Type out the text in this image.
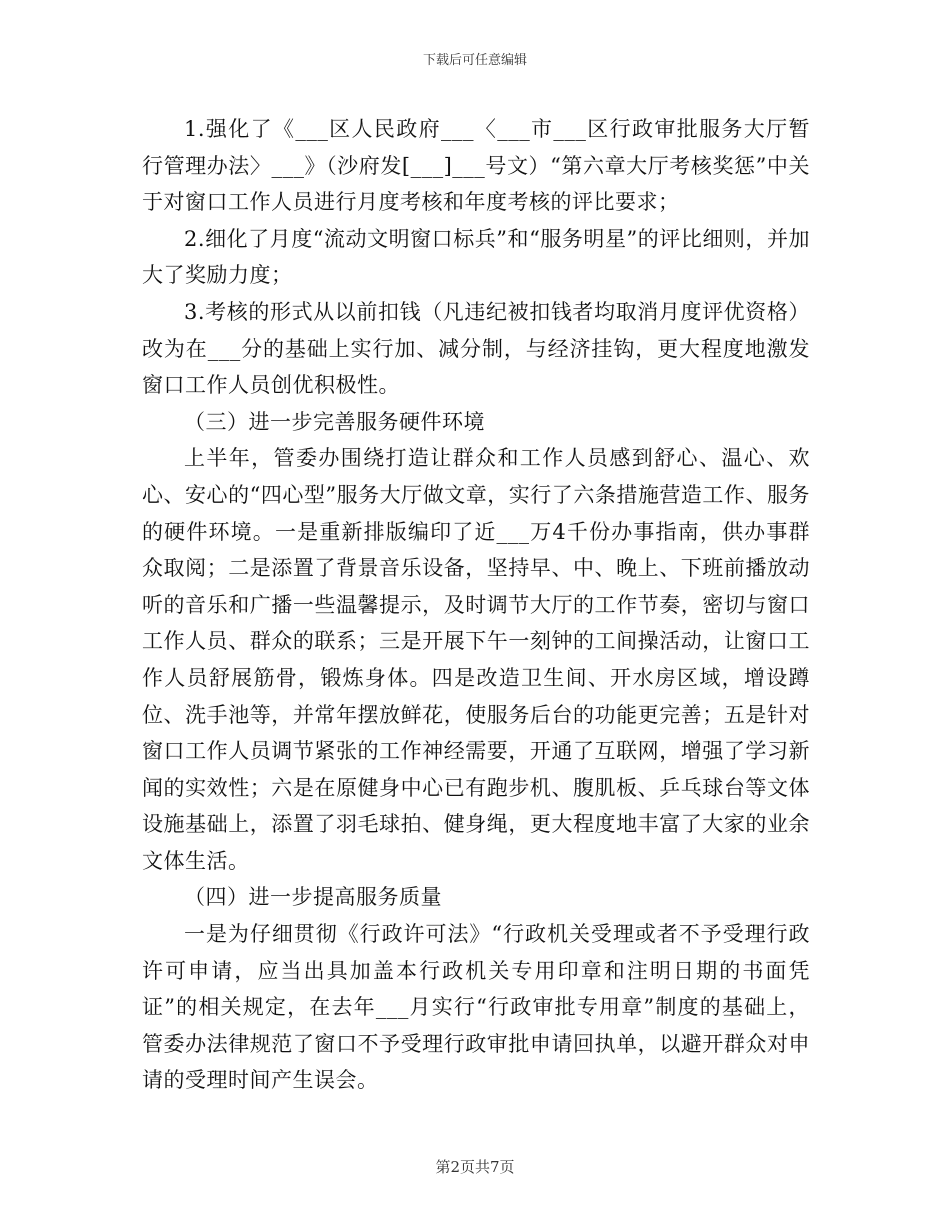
下载后可任意编辑

1.强化了《___区人民政府___〈___市___区行政审批服务大厅暂行管理办法〉___》（沙府发[___]___号文）“第六章大厅考核奖惩”中关于对窗口工作人员进行月度考核和年度考核的评比要求；

2.细化了月度“流动文明窗口标兵”和“服务明星”的评比细则，并加大了奖励力度；

3.考核的形式从以前扣钱（凡违纪被扣钱者均取消月度评优资格）改为在___分的基础上实行加、减分制，与经济挂钩，更大程度地激发窗口工作人员创优积极性。

（三）进一步完善服务硬件环境

上半年，管委办围绕打造让群众和工作人员感到舒心、温心、欢心、安心的“四心型”服务大厅做文章，实行了六条措施营造工作、服务的硬件环境。一是重新排版编印了近___万4千份办事指南，供办事群众取阅；二是添置了背景音乐设备，坚持早、中、晚上、下班前播放动听的音乐和广播一些温馨提示，及时调节大厅的工作节奏，密切与窗口工作人员、群众的联系；三是开展下午一刻钟的工间操活动，让窗口工作人员舒展筋骨，锻炼身体。四是改造卫生间、开水房区域，增设蹲位、洗手池等，并常年摆放鲜花，使服务后台的功能更完善；五是针对窗口工作人员调节紧张的工作神经需要，开通了互联网，增强了学习新闻的实效性；六是在原健身中心已有跑步机、腹肌板、乒乓球台等文体设施基础上，添置了羽毛球拍、健身绳，更大程度地丰富了大家的业余文体生活。

（四）进一步提高服务质量

一是为仔细贯彻《行政许可法》“行政机关受理或者不予受理行政许可申请，应当出具加盖本行政机关专用印章和注明日期的书面凭证”的相关规定，在去年___月实行“行政审批专用章”制度的基础上，管委办法律规范了窗口不予受理行政审批申请回执单，以避开群众对申请的受理时间产生误会。

第2页共7页
